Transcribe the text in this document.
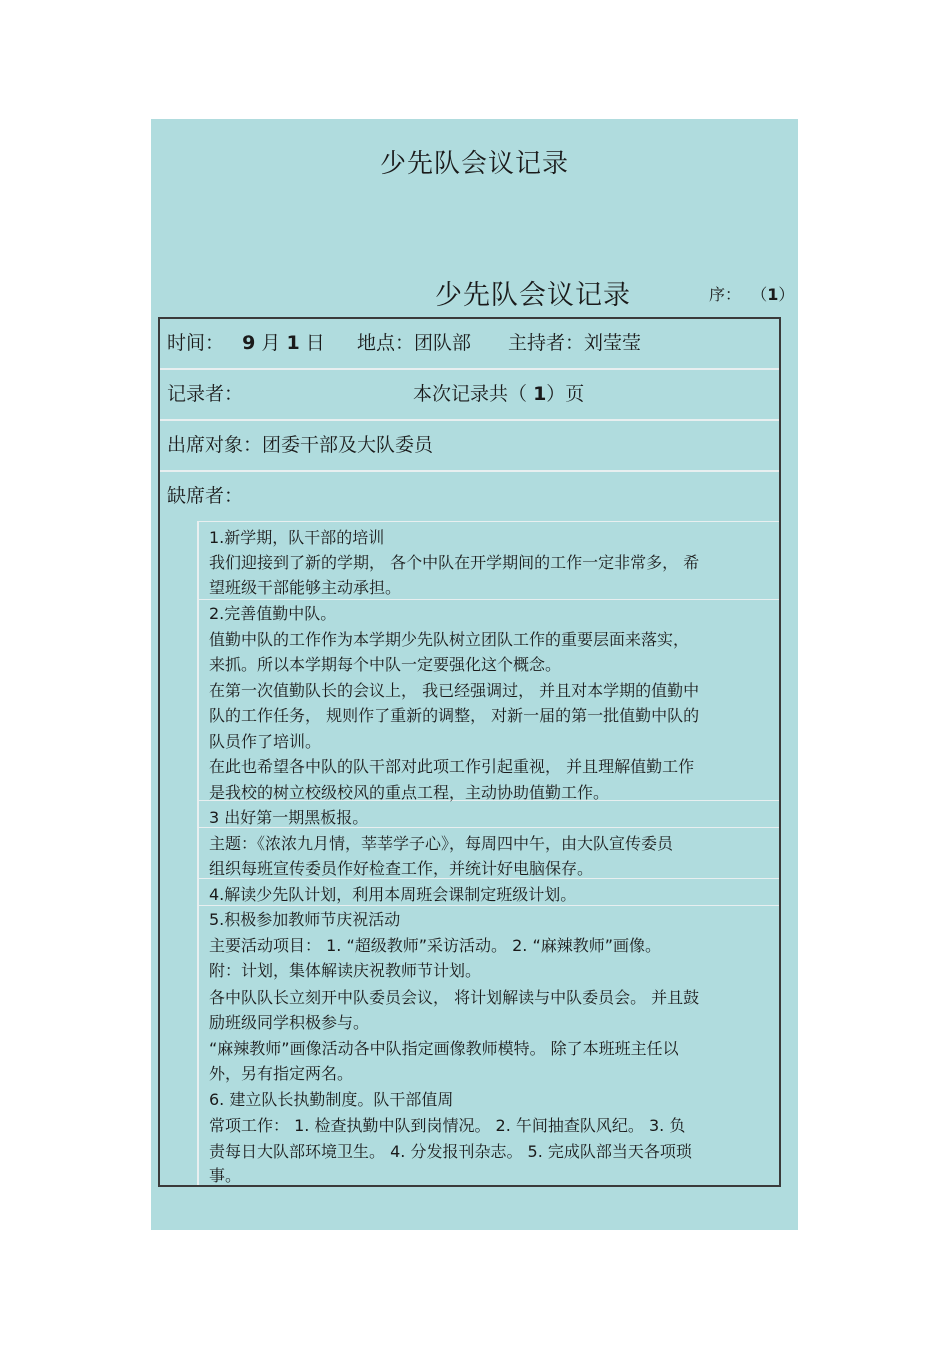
少先队会议记录
少先队会议记录	序： （1）
时间： 9 月 1 日 地点：团队部 主持者：刘莹莹
记录者：	本次记录共（ 1）页
出席对象：团委干部及大队委员
缺席者：
1.新学期，队干部的培训
我们迎接到了新的学期， 各个中队在开学期间的工作一定非常多， 希
望班级干部能够主动承担。
2.完善值勤中队。
值勤中队的工作作为本学期少先队树立团队工作的重要层面来落实，
来抓。所以本学期每个中队一定要强化这个概念。
在第一次值勤队长的会议上， 我已经强调过， 并且对本学期的值勤中
队的工作任务， 规则作了重新的调整， 对新一届的第一批值勤中队的
队员作了培训。
在此也希望各中队的队干部对此项工作引起重视， 并且理解值勤工作
是我校的树立校级校风的重点工程，主动协助值勤工作。
3 出好第一期黑板报。
主题：《浓浓九月情，莘莘学子心》，每周四中午，由大队宣传委员
组织每班宣传委员作好检查工作，并统计好电脑保存。
4.解读少先队计划，利用本周班会课制定班级计划。
5.积极参加教师节庆祝活动
主要活动项目： 1. “超级教师”采访活动。 2. “麻辣教师”画像。
附：计划，集体解读庆祝教师节计划。
各中队队长立刻开中队委员会议， 将计划解读与中队委员会。 并且鼓
励班级同学积极参与。
“麻辣教师”画像活动各中队指定画像教师模特。 除了本班班主任以
外，另有指定两名。
6. 建立队长执勤制度。队干部值周
常项工作： 1. 检查执勤中队到岗情况。 2. 午间抽查队风纪。 3. 负
责每日大队部环境卫生。 4. 分发报刊杂志。 5. 完成队部当天各项琐
事。
